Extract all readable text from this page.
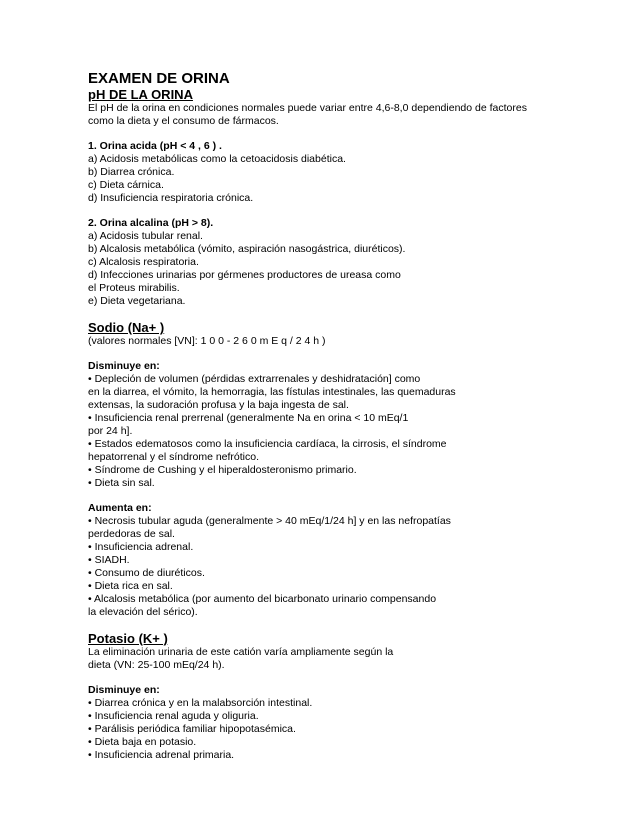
EXAMEN DE ORINA
pH DE LA ORINA

El pH de la orina en condiciones normales puede variar entre 4,6-8,0 dependiendo de factores

como la dieta y el consumo de fármacos.

1. Orina acida (pH < 4 , 6 ) .

a) Acidosis metabólicas como la cetoacidosis diabética.

b) Diarrea crónica.

c) Dieta cárnica.

d) Insuficiencia respiratoria crónica.

2. Orina alcalina (pH > 8).

a) Acidosis tubular renal.

b) Alcalosis metabólica (vómito, aspiración nasogástrica, diuréticos).

c) Alcalosis respiratoria.

d) Infecciones urinarias por gérmenes productores de ureasa como

el Proteus mirabilis.

e) Dieta vegetariana.

Sodio (Na+ )

(valores normales [VN]: 1 0 0 - 2 6 0 m E q / 2 4 h )

Disminuye en:

• Depleción de volumen (pérdidas extrarrenales y deshidratación] como

en la diarrea, el vómito, la hemorragia, las fístulas intestinales, las quemaduras

extensas, la sudoración profusa y la baja ingesta de sal.

• Insuficiencia renal prerrenal (generalmente Na en orina < 10 mEq/1

por 24 h].

• Estados edematosos como la insuficiencia cardíaca, la cirrosis, el síndrome

hepatorrenal y el síndrome nefrótico.

• Síndrome de Cushing y el hiperaldosteronismo primario.

• Dieta sin sal.

Aumenta en:

• Necrosis tubular aguda (generalmente > 40 mEq/1/24 h] y en las nefropatías

perdedoras de sal.

• Insuficiencia adrenal.

• SIADH.

• Consumo de diuréticos.

• Dieta rica en sal.

• Alcalosis metabólica (por aumento del bicarbonato urinario compensando

la elevación del sérico).

Potasio (K+ )

La eliminación urinaria de este catión varía ampliamente según la

dieta (VN: 25-100 mEq/24 h).

Disminuye en:

• Diarrea crónica y en la malabsorción intestinal.

• Insuficiencia renal aguda y oliguria.

• Parálisis periódica familiar hipopotasémica.

• Dieta baja en potasio.

• Insuficiencia adrenal primaria.
